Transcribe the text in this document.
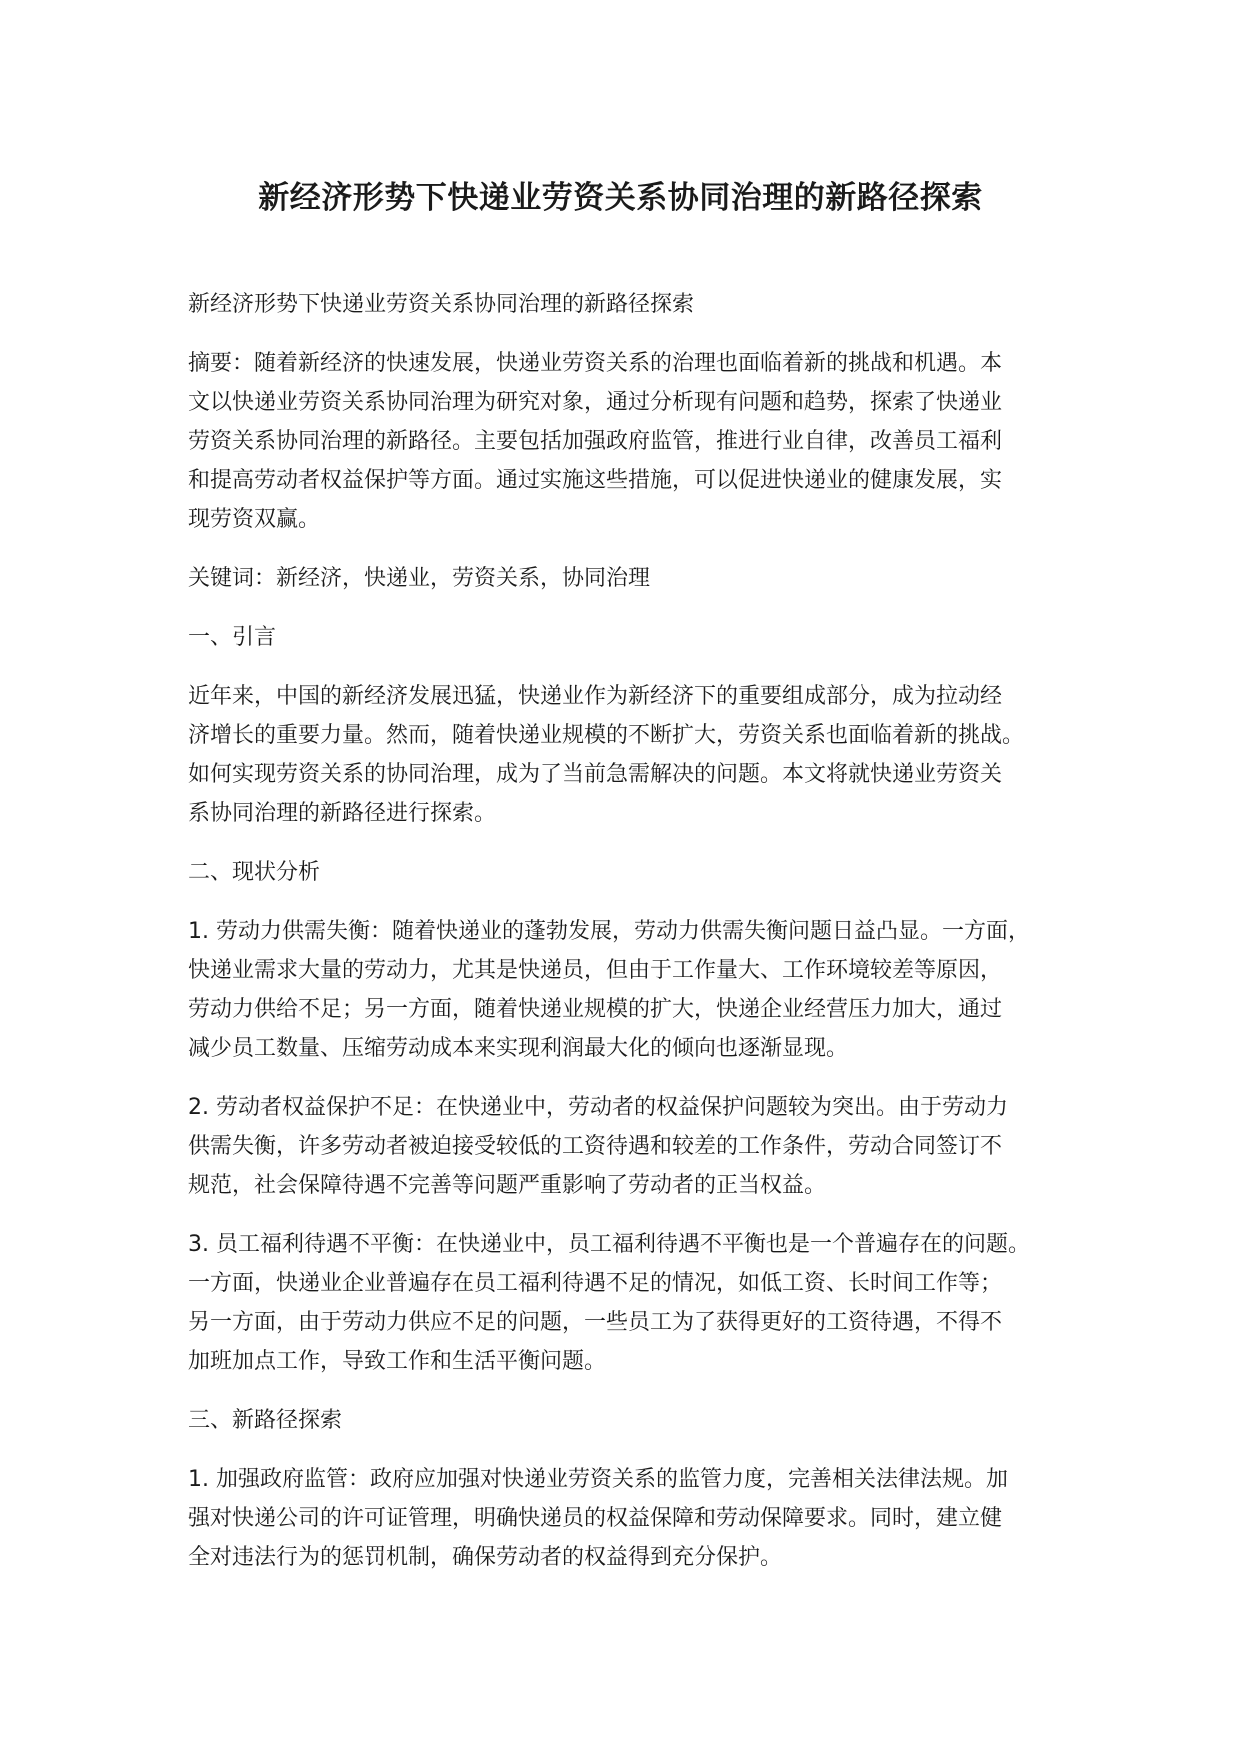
新经济形势下快递业劳资关系协同治理的新路径探索

新经济形势下快递业劳资关系协同治理的新路径探索

摘要：随着新经济的快速发展，快递业劳资关系的治理也面临着新的挑战和机遇。本
文以快递业劳资关系协同治理为研究对象，通过分析现有问题和趋势，探索了快递业
劳资关系协同治理的新路径。主要包括加强政府监管，推进行业自律，改善员工福利
和提高劳动者权益保护等方面。通过实施这些措施，可以促进快递业的健康发展，实
现劳资双赢。

关键词：新经济，快递业，劳资关系，协同治理

一、引言

近年来，中国的新经济发展迅猛，快递业作为新经济下的重要组成部分，成为拉动经
济增长的重要力量。然而，随着快递业规模的不断扩大，劳资关系也面临着新的挑战。
如何实现劳资关系的协同治理，成为了当前急需解决的问题。本文将就快递业劳资关
系协同治理的新路径进行探索。

二、现状分析

1. 劳动力供需失衡：随着快递业的蓬勃发展，劳动力供需失衡问题日益凸显。一方面，
快递业需求大量的劳动力，尤其是快递员，但由于工作量大、工作环境较差等原因，
劳动力供给不足；另一方面，随着快递业规模的扩大，快递企业经营压力加大，通过
减少员工数量、压缩劳动成本来实现利润最大化的倾向也逐渐显现。

2. 劳动者权益保护不足：在快递业中，劳动者的权益保护问题较为突出。由于劳动力
供需失衡，许多劳动者被迫接受较低的工资待遇和较差的工作条件，劳动合同签订不
规范，社会保障待遇不完善等问题严重影响了劳动者的正当权益。

3. 员工福利待遇不平衡：在快递业中，员工福利待遇不平衡也是一个普遍存在的问题。
一方面，快递业企业普遍存在员工福利待遇不足的情况，如低工资、长时间工作等；
另一方面，由于劳动力供应不足的问题，一些员工为了获得更好的工资待遇，不得不
加班加点工作，导致工作和生活平衡问题。

三、新路径探索

1. 加强政府监管：政府应加强对快递业劳资关系的监管力度，完善相关法律法规。加
强对快递公司的许可证管理，明确快递员的权益保障和劳动保障要求。同时，建立健
全对违法行为的惩罚机制，确保劳动者的权益得到充分保护。
